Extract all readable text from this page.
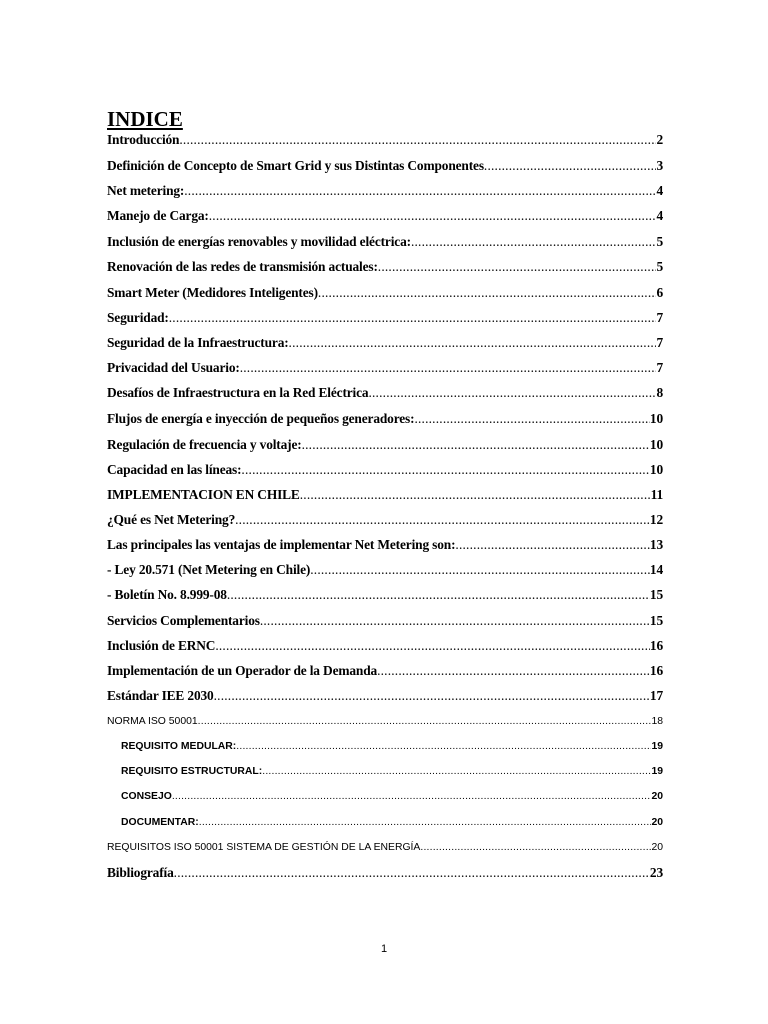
INDICE
Introducción .....	2
Definición de Concepto de Smart Grid y sus Distintas Componentes .....	3
Net metering: .....	4
Manejo de Carga: .....	4
Inclusión de energías renovables y movilidad eléctrica: .....	5
Renovación de las redes de transmisión actuales: .....	5
Smart Meter (Medidores Inteligentes) .....	6
Seguridad: .....	7
Seguridad de la Infraestructura: .....	7
Privacidad del Usuario: .....	7
Desafíos de Infraestructura en la Red Eléctrica .....	8
Flujos de energía e inyección de pequeños generadores: .....	10
Regulación de frecuencia y voltaje: .....	10
Capacidad en las líneas: .....	10
IMPLEMENTACION EN CHILE .....	11
¿Qué es Net Metering? .....	12
Las principales las ventajas de implementar Net Metering son: .....	13
- Ley 20.571 (Net Metering en Chile) .....	14
- Boletín No. 8.999-08 .....	15
Servicios Complementarios .....	15
Inclusión de ERNC .....	16
Implementación de un Operador de la Demanda .....	16
Estándar IEE 2030 .....	17
NORMA ISO 50001 .....	18
REQUISITO MEDULAR: .....	19
REQUISITO ESTRUCTURAL: .....	19
CONSEJO .....	20
DOCUMENTAR: .....	20
REQUISITOS ISO 50001 SISTEMA DE GESTIÓN DE LA ENERGÍA .....	20
Bibliografía .....	23
1
